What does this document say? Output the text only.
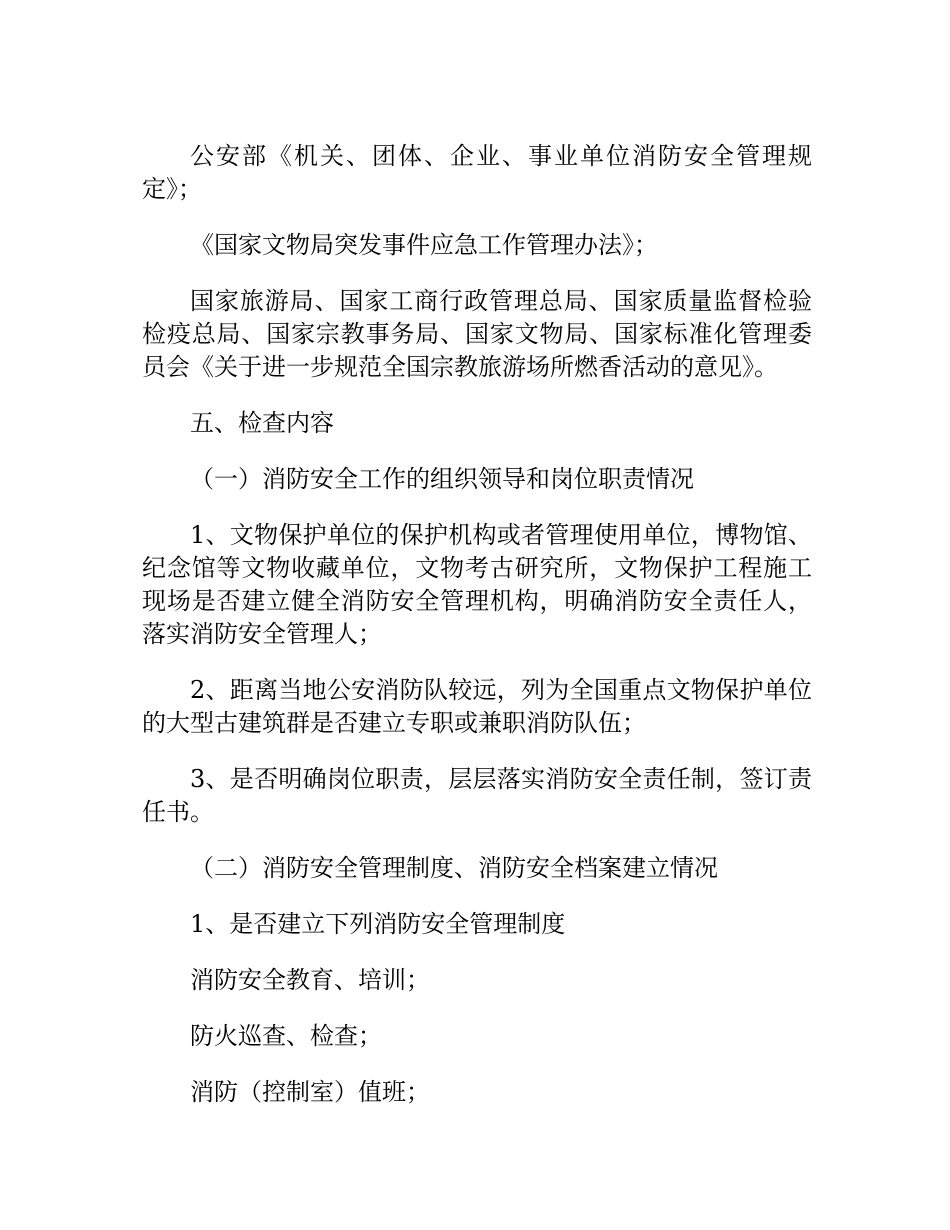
公安部《机关、团体、企业、事业单位消防安全管理规定》；

《国家文物局突发事件应急工作管理办法》；

国家旅游局、国家工商行政管理总局、国家质量监督检验检疫总局、国家宗教事务局、国家文物局、国家标准化管理委员会《关于进一步规范全国宗教旅游场所燃香活动的意见》。

五、检查内容

（一）消防安全工作的组织领导和岗位职责情况

1、文物保护单位的保护机构或者管理使用单位，博物馆、纪念馆等文物收藏单位，文物考古研究所，文物保护工程施工现场是否建立健全消防安全管理机构，明确消防安全责任人，落实消防安全管理人；

2、距离当地公安消防队较远，列为全国重点文物保护单位的大型古建筑群是否建立专职或兼职消防队伍；

3、是否明确岗位职责，层层落实消防安全责任制，签订责任书。

（二）消防安全管理制度、消防安全档案建立情况

1、是否建立下列消防安全管理制度

消防安全教育、培训；

防火巡查、检查；

消防（控制室）值班；
